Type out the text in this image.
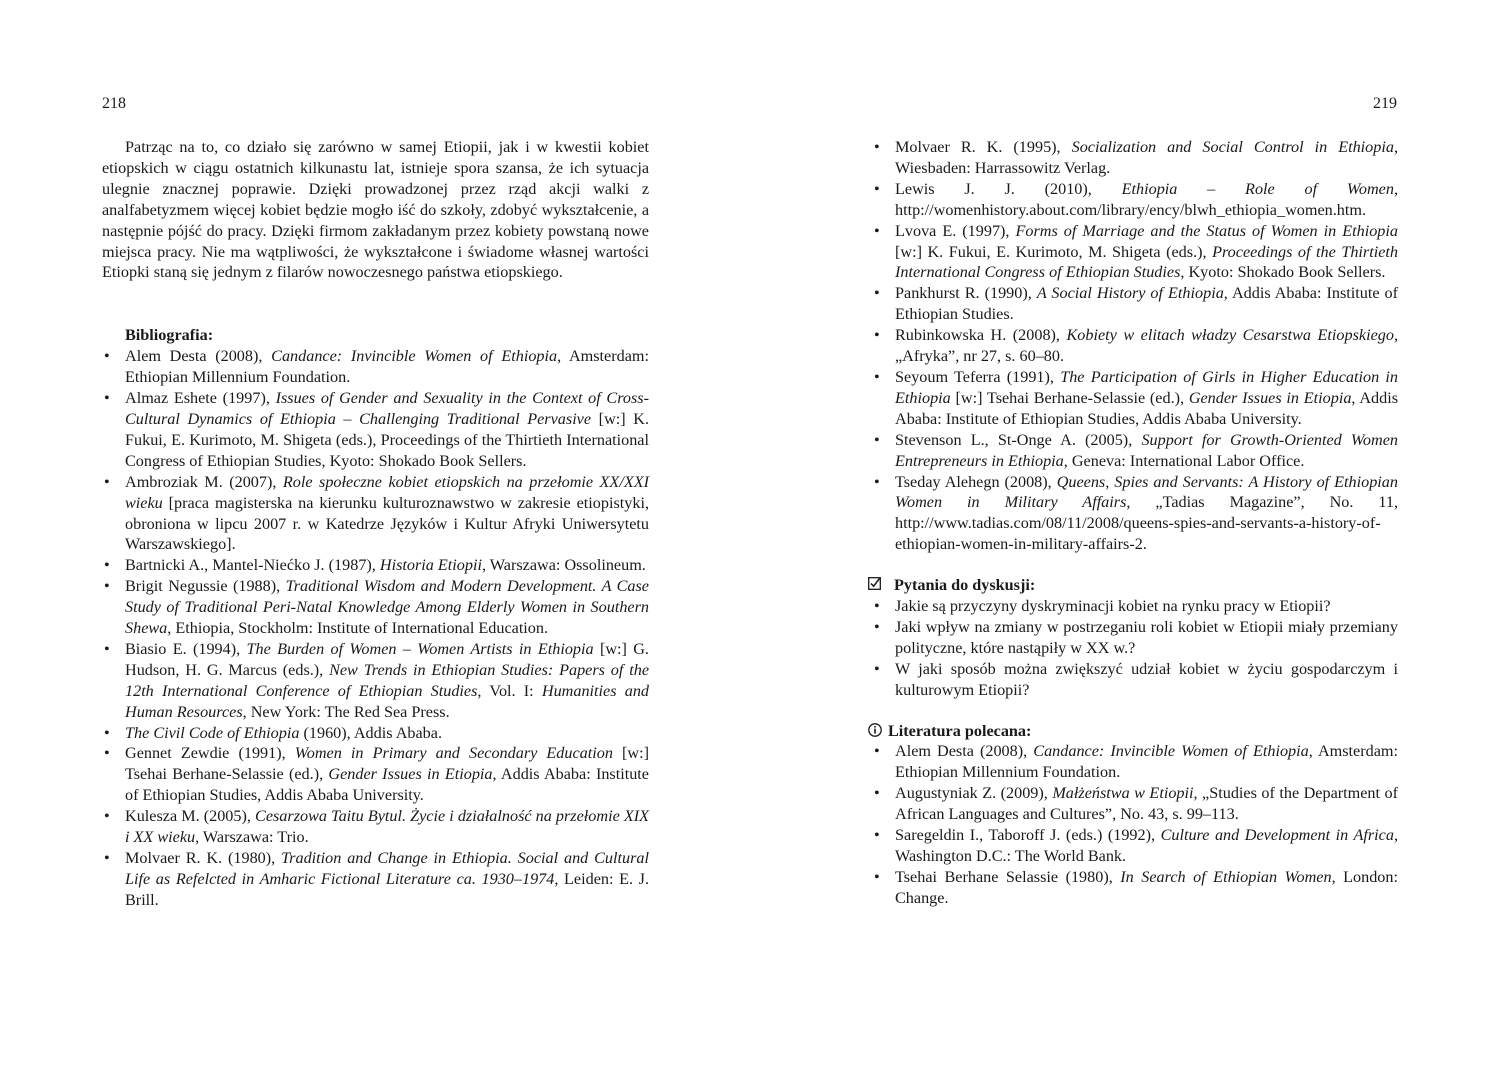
218

Patrząc na to, co działo się zarówno w samej Etiopii, jak i w kwestii kobiet etiopskich w ciągu ostatnich kilkunastu lat, istnieje spora szansa, że ich sytuacja ulegnie znacznej poprawie. Dzięki prowadzonej przez rząd akcji walki z analfabetyzmem więcej kobiet będzie mogło iść do szkoły, zdobyć wykształcenie, a następnie pójść do pracy. Dzięki firmom zakładanym przez kobiety powstaną nowe miejsca pracy. Nie ma wątpliwości, że wykształcone i świadome własnej wartości Etiopki staną się jednym z filarów nowoczesnego państwa etiopskiego.

Bibliografia:

• Alem Desta (2008), Candance: Invincible Women of Ethiopia, Amsterdam: Ethiopian Millennium Foundation.
• Almaz Eshete (1997), Issues of Gender and Sexuality in the Context of Cross-Cultural Dynamics of Ethiopia – Challenging Traditional Pervasive [w:] K. Fukui, E. Kurimoto, M. Shigeta (eds.), Proceedings of the Thirtieth International Congress of Ethiopian Studies, Kyoto: Shokado Book Sellers.
• Ambroziak M. (2007), Role społeczne kobiet etiopskich na przełomie XX/XXI wieku [praca magisterska na kierunku kulturoznawstwo w zakresie etiopistyki, obroniona w lipcu 2007 r. w Katedrze Języków i Kultur Afryki Uniwersytetu Warszawskiego].
• Bartnicki A., Mantel-Niećko J. (1987), Historia Etiopii, Warszawa: Ossolineum.
• Brigit Negussie (1988), Traditional Wisdom and Modern Development. A Case Study of Traditional Peri-Natal Knowledge Among Elderly Women in Southern Shewa, Ethiopia, Stockholm: Institute of International Education.
• Biasio E. (1994), The Burden of Women – Women Artists in Ethiopia [w:] G. Hudson, H. G. Marcus (eds.), New Trends in Ethiopian Studies: Papers of the 12th International Conference of Ethiopian Studies, Vol. I: Humanities and Human Resources, New York: The Red Sea Press.
• The Civil Code of Ethiopia (1960), Addis Ababa.
• Gennet Zewdie (1991), Women in Primary and Secondary Education [w:] Tsehai Berhane-Selassie (ed.), Gender Issues in Etiopia, Addis Ababa: Institute of Ethiopian Studies, Addis Ababa University.
• Kulesza M. (2005), Cesarzowa Taitu Bytul. Życie i działalność na przełomie XIX i XX wieku, Warszawa: Trio.
• Molvaer R. K. (1980), Tradition and Change in Ethiopia. Social and Cultural Life as Refelcted in Amharic Fictional Literature ca. 1930–1974, Leiden: E. J. Brill.
219
• Molvaer R. K. (1995), Socialization and Social Control in Ethiopia, Wiesbaden: Harrassowitz Verlag.
• Lewis J. J. (2010), Ethiopia – Role of Women, http://womenhistory.about.com/library/ency/blwh_ethiopia_women.htm.
• Lvova E. (1997), Forms of Marriage and the Status of Women in Ethiopia [w:] K. Fukui, E. Kurimoto, M. Shigeta (eds.), Proceedings of the Thirtieth International Congress of Ethiopian Studies, Kyoto: Shokado Book Sellers.
• Pankhurst R. (1990), A Social History of Ethiopia, Addis Ababa: Institute of Ethiopian Studies.
• Rubinkowska H. (2008), Kobiety w elitach władzy Cesarstwa Etiopskiego, „Afryka”, nr 27, s. 60–80.
• Seyoum Teferra (1991), The Participation of Girls in Higher Education in Ethiopia [w:] Tsehai Berhane-Selassie (ed.), Gender Issues in Etiopia, Addis Ababa: Institute of Ethiopian Studies, Addis Ababa University.
• Stevenson L., St-Onge A. (2005), Support for Growth-Oriented Women Entrepreneurs in Ethiopia, Geneva: International Labor Office.
• Tseday Alehegn (2008), Queens, Spies and Servants: A History of Ethiopian Women in Military Affairs, „Tadias Magazine”, No. 11, http://www.tadias.com/08/11/2008/queens-spies-and-servants-a-history-of-ethiopian-women-in-military-affairs-2.

Pytania do dyskusji:

• Jakie są przyczyny dyskryminacji kobiet na rynku pracy w Etiopii?
• Jaki wpływ na zmiany w postrzeganiu roli kobiet w Etiopii miały przemiany polityczne, które nastąpiły w XX w.?
• W jaki sposób można zwiększyć udział kobiet w życiu gospodarczym i kulturowym Etiopii?

Literatura polecana:

• Alem Desta (2008), Candance: Invincible Women of Ethiopia, Amsterdam: Ethiopian Millennium Foundation.
• Augustyniak Z. (2009), Małżeństwa w Etiopii, „Studies of the Department of African Languages and Cultures”, No. 43, s. 99–113.
• Saregeldin I., Taboroff J. (eds.) (1992), Culture and Development in Africa, Washington D.C.: The World Bank.
• Tsehai Berhane Selassie (1980), In Search of Ethiopian Women, London: Change.
